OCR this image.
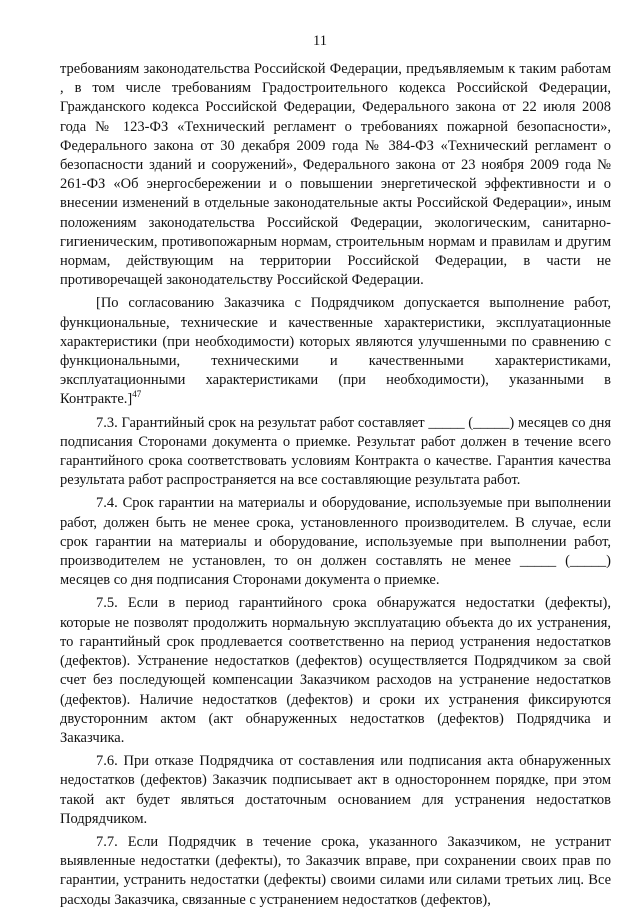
11

требованиям законодательства Российской Федерации, предъявляемым к таким работам , в том числе требованиям Градостроительного кодекса Российской Федерации, Гражданского кодекса Российской Федерации, Федерального закона от 22 июля 2008 года № 123-ФЗ «Технический регламент о требованиях пожарной безопасности», Федерального закона от 30 декабря 2009 года № 384-ФЗ «Технический регламент о безопасности зданий и сооружений», Федерального закона от 23 ноября 2009 года № 261-ФЗ «Об энергосбережении и о повышении энергетической эффективности и о внесении изменений в отдельные законодательные акты Российской Федерации», иным положениям законодательства Российской Федерации, экологическим, санитарно-гигиеническим, противопожарным нормам, строительным нормам и правилам и другим нормам, действующим на территории Российской Федерации, в части не противоречащей законодательству Российской Федерации.

[По согласованию Заказчика с Подрядчиком допускается выполнение работ, функциональные, технические и качественные характеристики, эксплуатационные характеристики (при необходимости) которых являются улучшенными по сравнению с функциональными, техническими и качественными характеристиками, эксплуатационными характеристиками (при необходимости), указанными в Контракте.]$^{47}$

7.3. Гарантийный срок на результат работ составляет _____ (_____) месяцев со дня подписания Сторонами документа о приемке. Результат работ должен в течение всего гарантийного срока соответствовать условиям Контракта о качестве. Гарантия качества результата работ распространяется на все составляющие результата работ.

7.4. Срок гарантии на материалы и оборудование, используемые при выполнении работ, должен быть не менее срока, установленного производителем. В случае, если срок гарантии на материалы и оборудование, используемые при выполнении работ, производителем не установлен, то он должен составлять не менее _____ (_____) месяцев со дня подписания Сторонами документа о приемке.

7.5. Если в период гарантийного срока обнаружатся недостатки (дефекты), которые не позволят продолжить нормальную эксплуатацию объекта до их устранения, то гарантийный срок продлевается соответственно на период устранения недостатков (дефектов). Устранение недостатков (дефектов) осуществляется Подрядчиком за свой счет без последующей компенсации Заказчиком расходов на устранение недостатков (дефектов). Наличие недостатков (дефектов) и сроки их устранения фиксируются двусторонним актом (акт обнаруженных недостатков (дефектов) Подрядчика и Заказчика.

7.6. При отказе Подрядчика от составления или подписания акта обнаруженных недостатков (дефектов) Заказчик подписывает акт в одностороннем порядке, при этом такой акт будет являться достаточным основанием для устранения недостатков Подрядчиком.

7.7. Если Подрядчик в течение срока, указанного Заказчиком, не устранит выявленные недостатки (дефекты), то Заказчик вправе, при сохранении своих прав по гарантии, устранить недостатки (дефекты) своими силами или силами третьих лиц. Все расходы Заказчика, связанные с устранением недостатков (дефектов),
